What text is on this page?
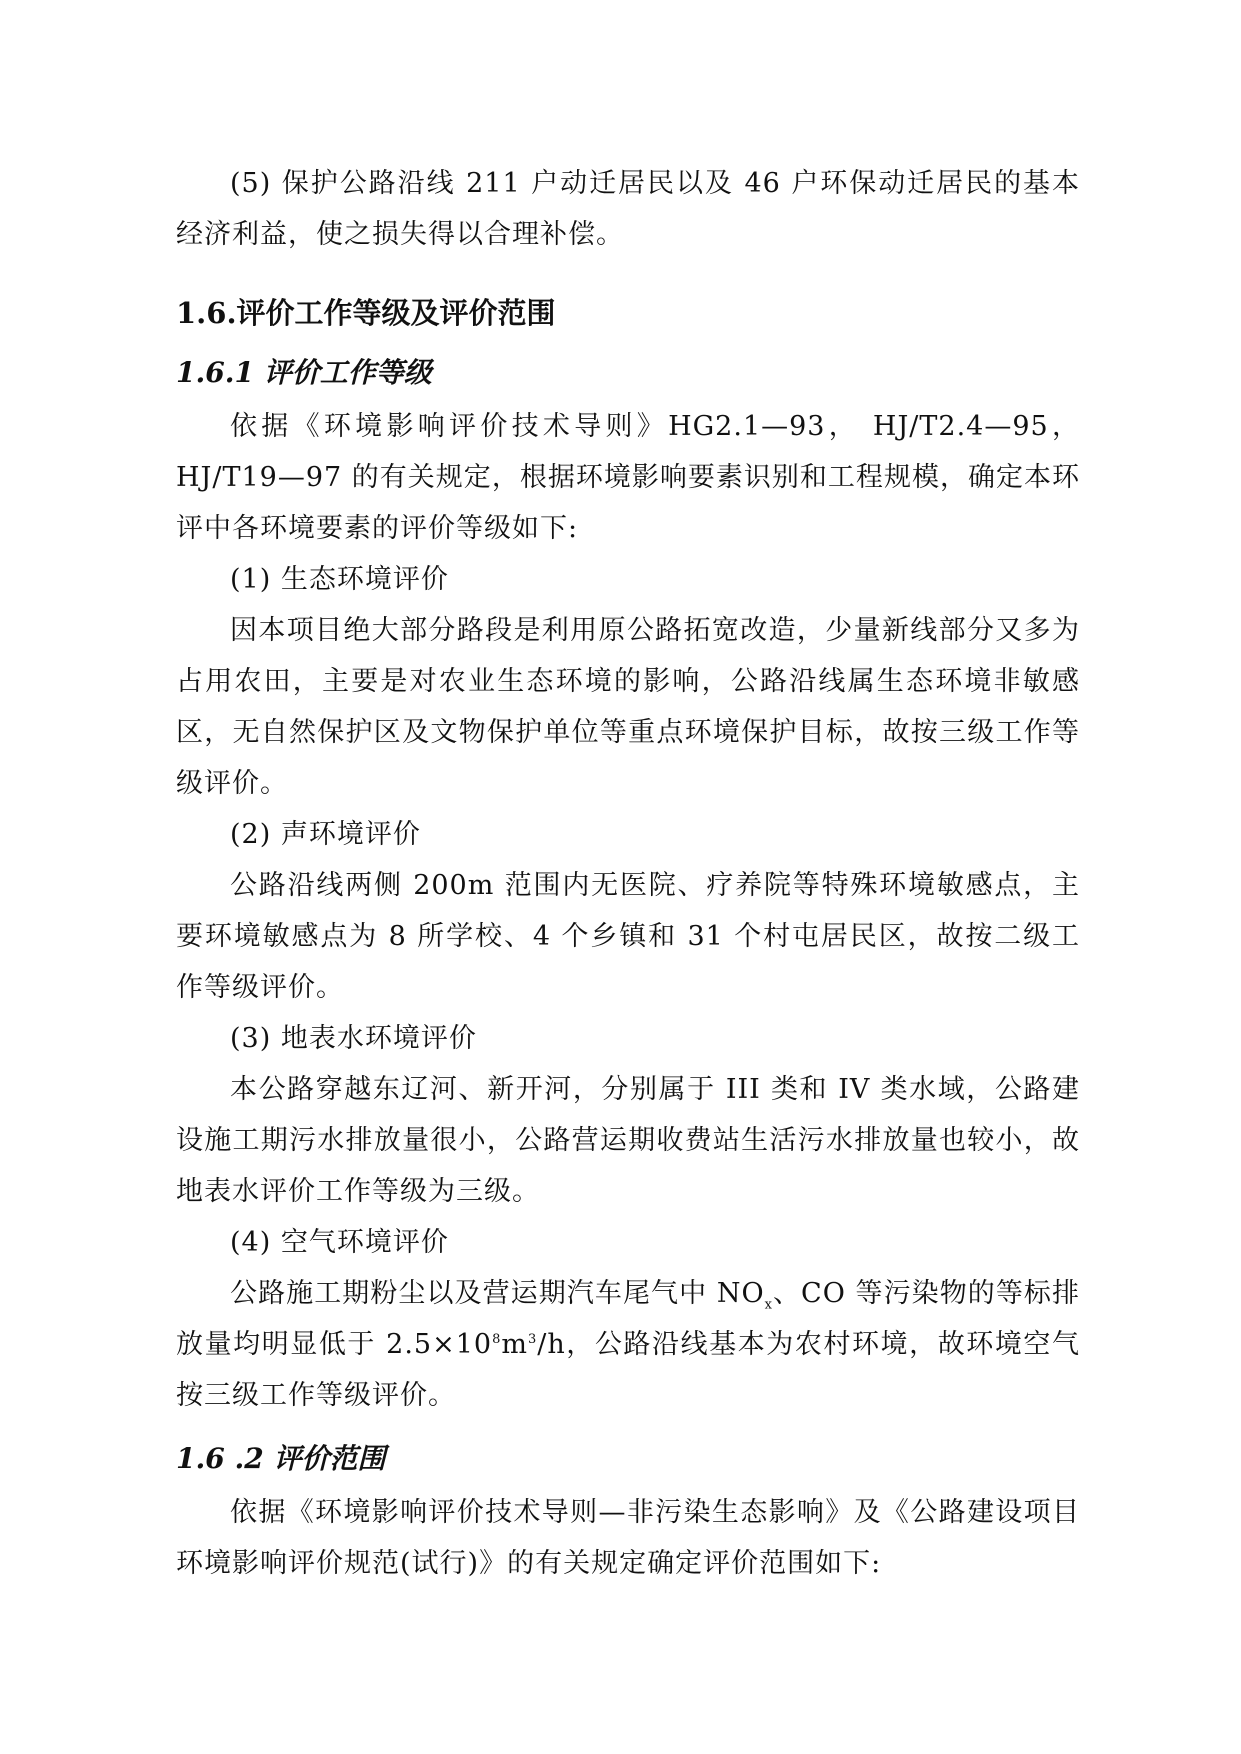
(5) 保护公路沿线 211 户动迁居民以及 46 户环保动迁居民的基本经济利益，使之损失得以合理补偿。

1.6.评价工作等级及评价范围
1.6.1 评价工作等级

依据《环境影响评价技术导则》HG2.1—93， HJ/T2.4—95， HJ/T19—97 的有关规定，根据环境影响要素识别和工程规模，确定本环评中各环境要素的评价等级如下:

(1) 生态环境评价

因本项目绝大部分路段是利用原公路拓宽改造，少量新线部分又多为占用农田，主要是对农业生态环境的影响，公路沿线属生态环境非敏感区，无自然保护区及文物保护单位等重点环境保护目标，故按三级工作等级评价。

(2) 声环境评价

公路沿线两侧 200m 范围内无医院、疗养院等特殊环境敏感点，主要环境敏感点为 8 所学校、4 个乡镇和 31 个村屯居民区，故按二级工作等级评价。

(3) 地表水环境评价

本公路穿越东辽河、新开河，分别属于 III 类和 IV 类水域，公路建设施工期污水排放量很小，公路营运期收费站生活污水排放量也较小，故地表水评价工作等级为三级。

(4) 空气环境评价

公路施工期粉尘以及营运期汽车尾气中 $NO_x$、CO 等污染物的等标排放量均明显低于 $2.5\times 10^8m^3/h$，公路沿线基本为农村环境，故环境空气按三级工作等级评价。

1.6 .2 评价范围

依据《环境影响评价技术导则—非污染生态影响》及《公路建设项目环境影响评价规范(试行)》的有关规定确定评价范围如下:
